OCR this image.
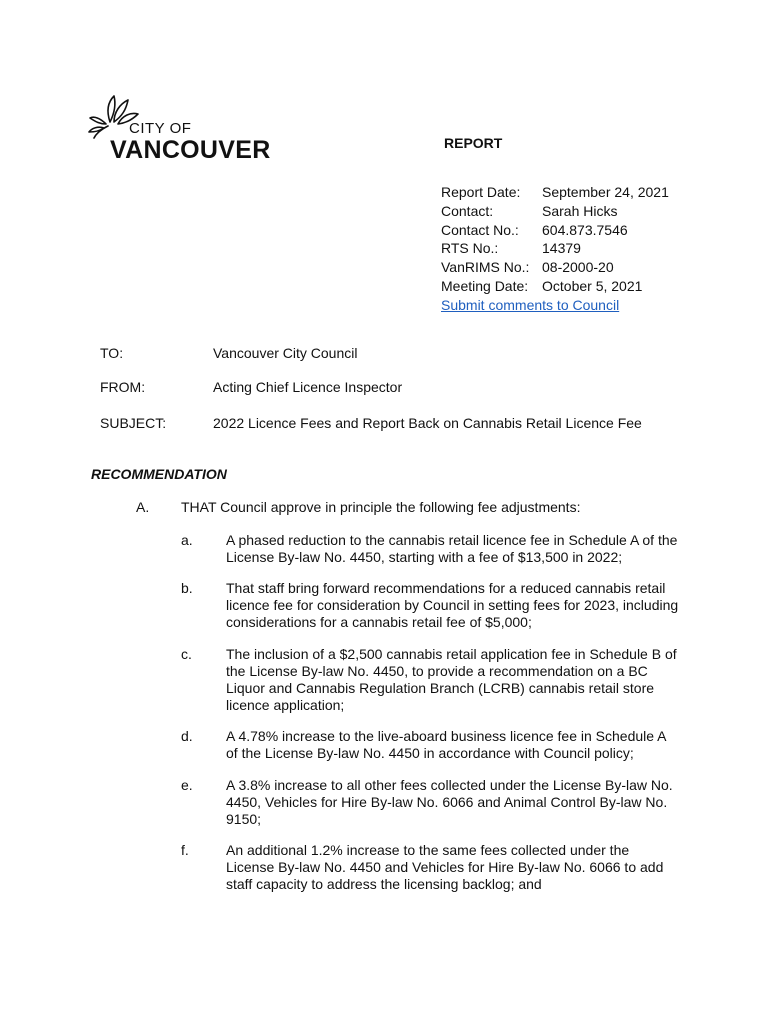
CITY OF
VANCOUVER	REPORT
Report Date:	September 24, 2021
Contact:	Sarah Hicks
Contact No.:	604.873.7546
RTS No.:	14379
VanRIMS No.: 08-2000-20
Meeting Date: October 5, 2021
Submit comments to Council
TO:	Vancouver City Council
FROM:	Acting Chief Licence Inspector
SUBJECT:	2022 Licence Fees and Report Back on Cannabis Retail Licence Fee
RECOMMENDATION
A. THAT Council approve in principle the following fee adjustments:
a. A phased reduction to the cannabis retail licence fee in Schedule A of the License By-law No. 4450, starting with a fee of $13,500 in 2022;
b. That staff bring forward recommendations for a reduced cannabis retail licence fee for consideration by Council in setting fees for 2023, including considerations for a cannabis retail fee of $5,000;
c. The inclusion of a $2,500 cannabis retail application fee in Schedule B of the License By-law No. 4450, to provide a recommendation on a BC Liquor and Cannabis Regulation Branch (LCRB) cannabis retail store licence application;
d. A 4.78% increase to the live-aboard business licence fee in Schedule A of the License By-law No. 4450 in accordance with Council policy;
e. A 3.8% increase to all other fees collected under the License By-law No. 4450, Vehicles for Hire By-law No. 6066 and Animal Control By-law No. 9150;
f.	An additional 1.2% increase to the same fees collected under the License By-law No. 4450 and Vehicles for Hire By-law No. 6066 to add staff capacity to address the licensing backlog; and
